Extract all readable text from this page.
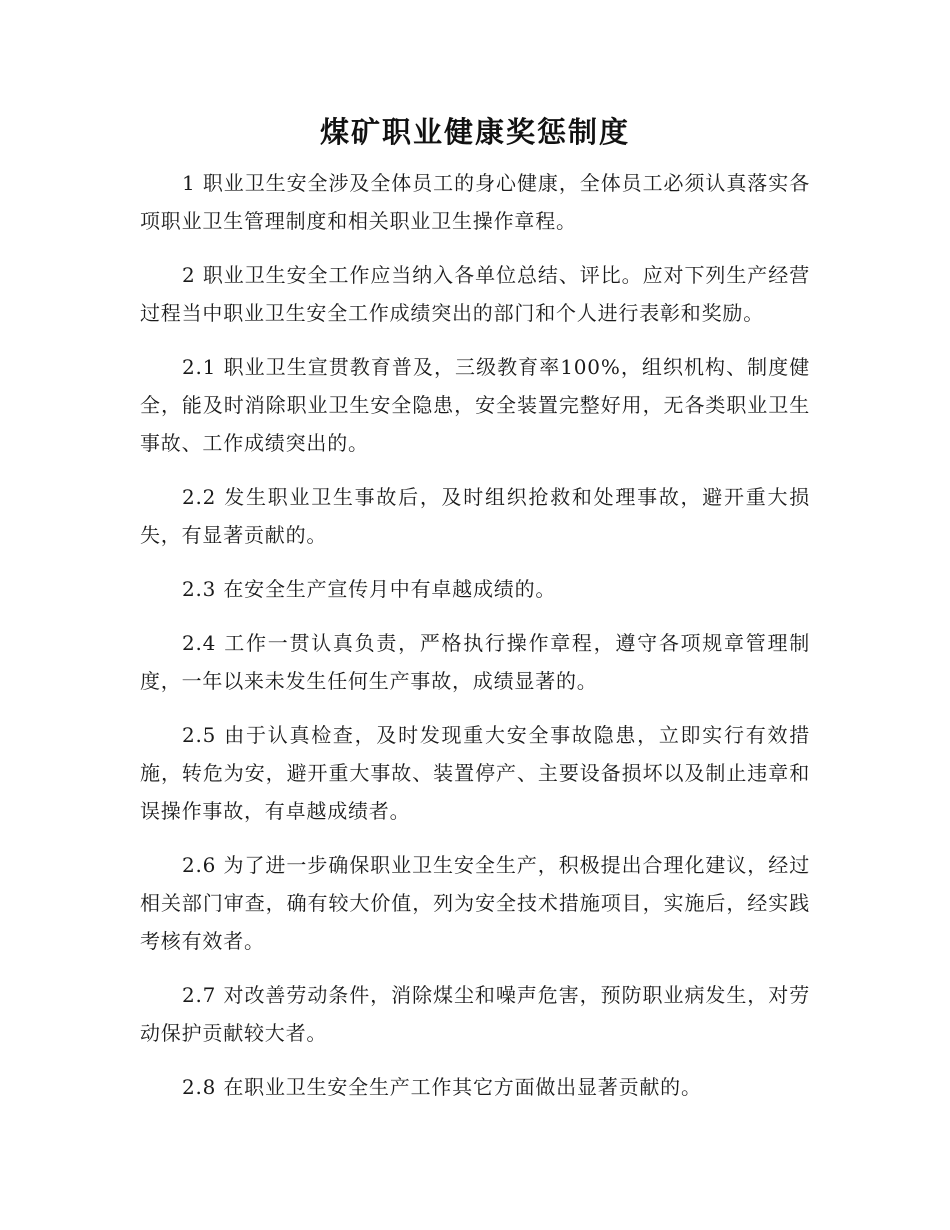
煤矿职业健康奖惩制度

1 职业卫生安全涉及全体员工的身心健康，全体员工必须认真落实各项职业卫生管理制度和相关职业卫生操作章程。

2 职业卫生安全工作应当纳入各单位总结、评比。应对下列生产经营过程当中职业卫生安全工作成绩突出的部门和个人进行表彰和奖励。

2.1 职业卫生宣贯教育普及，三级教育率100%，组织机构、制度健全，能及时消除职业卫生安全隐患，安全装置完整好用，无各类职业卫生事故、工作成绩突出的。

2.2 发生职业卫生事故后，及时组织抢救和处理事故，避开重大损失，有显著贡献的。

2.3 在安全生产宣传月中有卓越成绩的。

2.4 工作一贯认真负责，严格执行操作章程，遵守各项规章管理制度，一年以来未发生任何生产事故，成绩显著的。

2.5 由于认真检查，及时发现重大安全事故隐患，立即实行有效措施，转危为安，避开重大事故、装置停产、主要设备损坏以及制止违章和误操作事故，有卓越成绩者。

2.6 为了进一步确保职业卫生安全生产，积极提出合理化建议，经过相关部门审查，确有较大价值，列为安全技术措施项目，实施后，经实践考核有效者。

2.7 对改善劳动条件，消除煤尘和噪声危害，预防职业病发生，对劳动保护贡献较大者。

2.8 在职业卫生安全生产工作其它方面做出显著贡献的。
